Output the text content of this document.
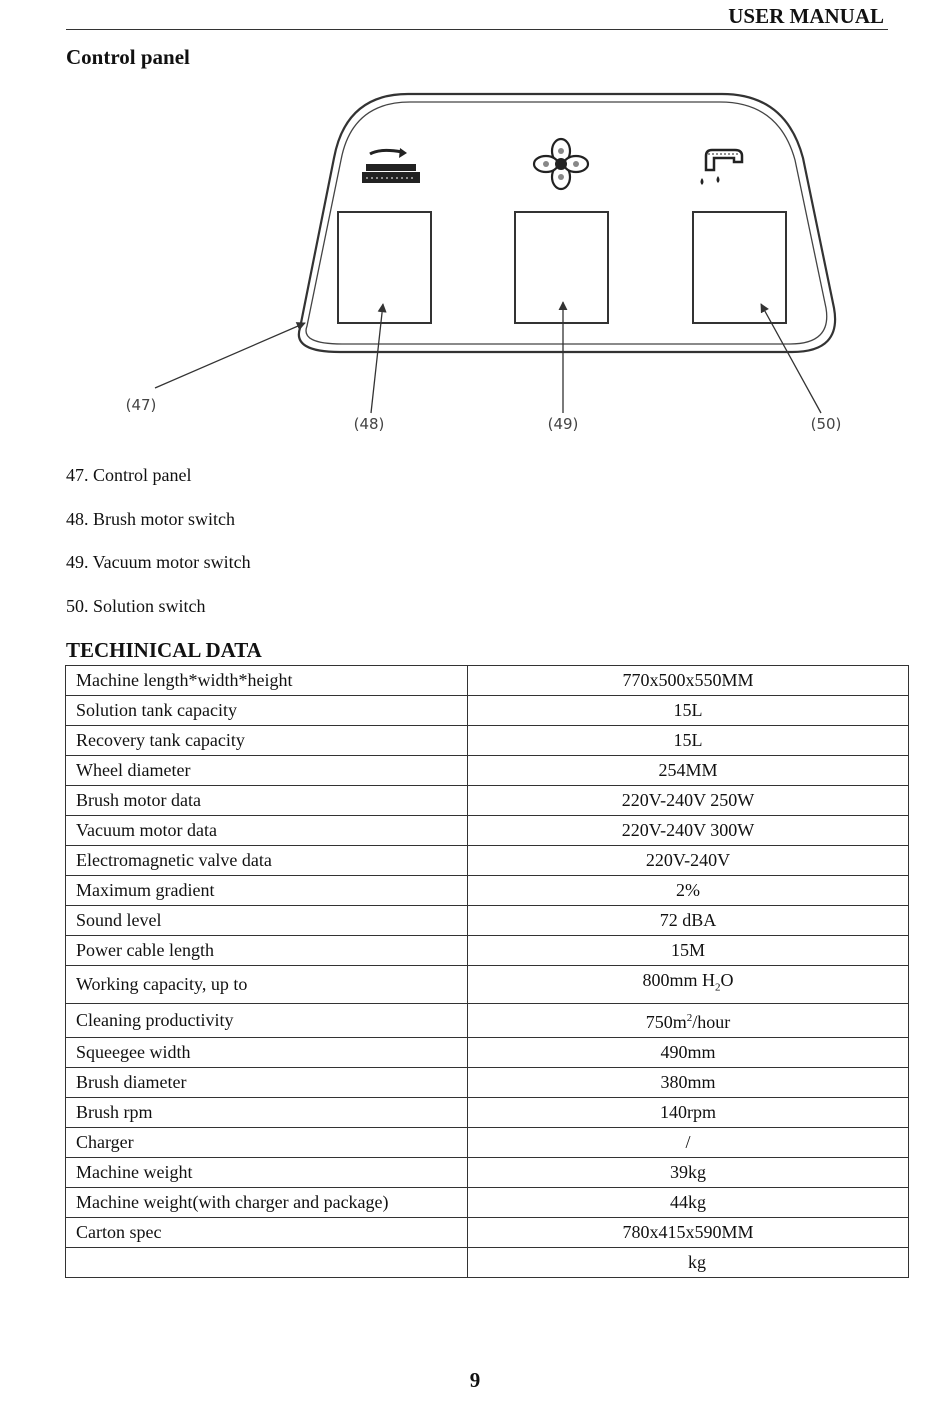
USER MANUAL
Control panel
(47)
(48)	(49)	(50)
47. Control panel
48. Brush motor switch
49. Vacuum motor switch
50. Solution switch
TECHINICAL DATA
Machine length*width*height	770x500x550MM
Solution tank capacity	15L
Recovery tank capacity	15L
Wheel diameter	254MM
Brush motor data	220V-240V 250W
Vacuum motor data	220V-240V 300W
Electromagnetic valve data	220V-240V
Maximum gradient	2%
Sound level	72 dBA
Power cable length	15M
Working capacity, up to	800mm $H_2O$
Cleaning productivity	$750m^2$/hour
Squeegee width	490mm
Brush diameter	380mm
Brush rpm	140rpm
Charger	/
Machine weight	39kg
Machine weight(with charger and package)	44kg
Carton spec	780x415x590MM
	kg
9
